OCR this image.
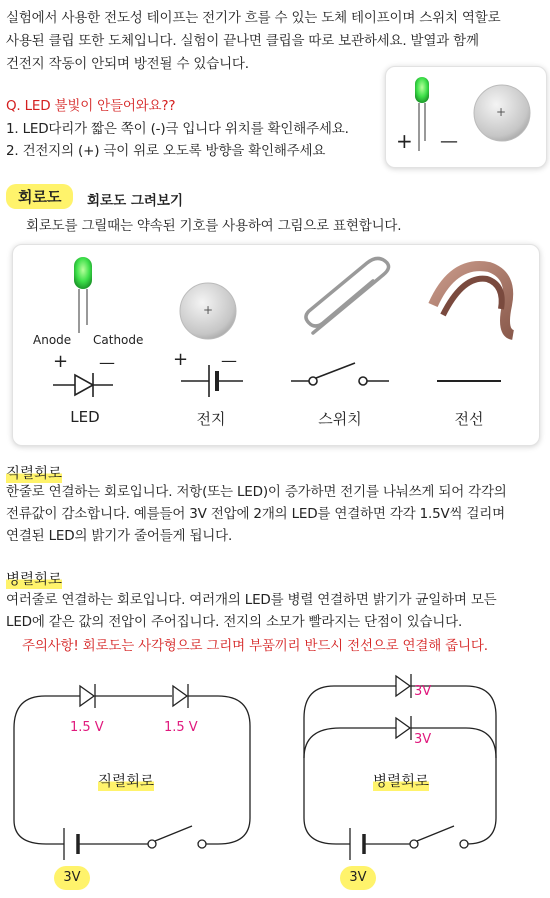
실험에서 사용한 전도성 테이프는 전기가 흐를 수 있는 도체 테이프이며 스위치 역할로
사용된 클립 또한 도체입니다. 실험이 끝나면 클립을 따로 보관하세요. 발열과 함께
건전지 작동이 안되며 방전될 수 있습니다.
Q. LED 불빛이 안들어와요??
1. LED다리가 짧은 쪽이 (-)극 입니다 위치를 확인해주세요.
2. 건전지의 (+) 극이 위로 오도록 방향을 확인해주세요	+ —
+
회로도	회로도 그려보기
회로도를 그릴때는 약속된 기호를 사용하여 그림으로 표현합니다.
Anode Cathode
+ —
+
+ —
LED	전지	스위치	전선
직렬회로
한줄로 연결하는 회로입니다. 저항(또는 LED)이 증가하면 전기를 나눠쓰게 되어 각각의
전류값이 감소합니다. 예를들어 3V 전압에 2개의 LED를 연결하면 각각 1.5V씩 걸리며
연결된 LED의 밝기가 줄어들게 됩니다.
병렬회로
여러줄로 연결하는 회로입니다. 여러개의 LED를 병렬 연결하면 밝기가 균일하며 모든
LED에 같은 값의 전압이 주어집니다. 전지의 소모가 빨라지는 단점이 있습니다.
주의사항! 회로도는 사각형으로 그리며 부품끼리 반드시 전선으로 연결해 줍니다.
1.5 V	1.5 V
직렬회로
3V
3V
3V
병렬회로
3V
